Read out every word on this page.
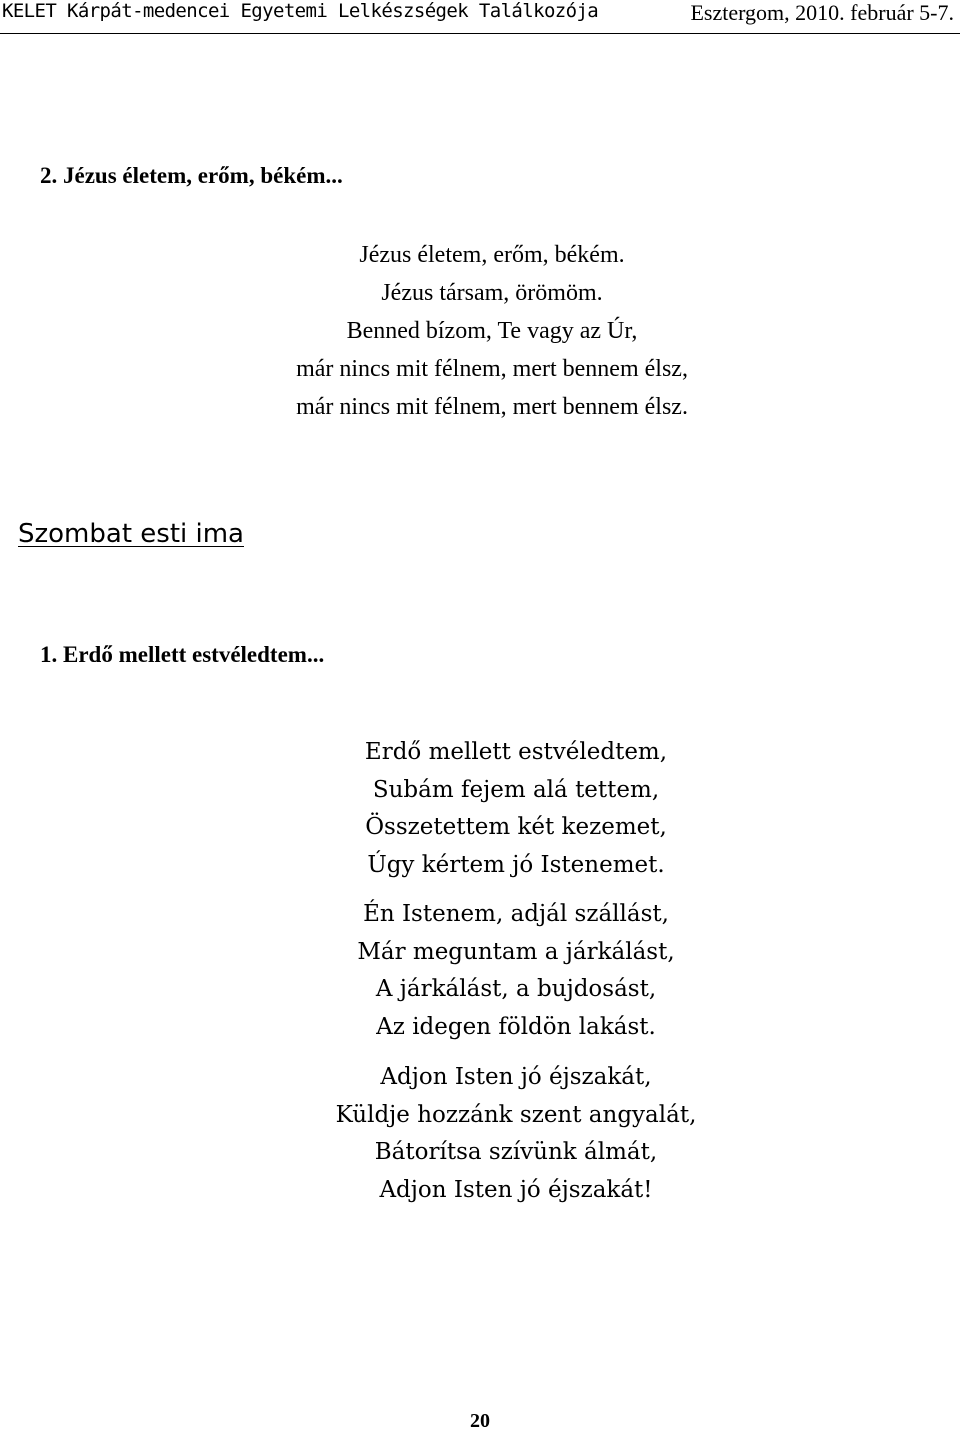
KELET Kárpát-medencei Egyetemi Lelkészségek Találkozója	Esztergom, 2010. február 5-7.
2. Jézus életem, erőm, békém...
Jézus életem, erőm, békém.
Jézus társam, örömöm.
Benned bízom, Te vagy az Úr,
már nincs mit félnem, mert bennem élsz,
már nincs mit félnem, mert bennem élsz.
Szombat esti ima
1. Erdő mellett estvéledtem...
Erdő mellett estvéledtem,
Subám fejem alá tettem,
Összetettem két kezemet,
Úgy kértem jó Istenemet.
Én Istenem, adjál szállást,
Már meguntam a járkálást,
A járkálást, a bujdosást,
Az idegen földön lakást.
Adjon Isten jó éjszakát,
Küldje hozzánk szent angyalát,
Bátorítsa szívünk álmát,
Adjon Isten jó éjszakát!
20
